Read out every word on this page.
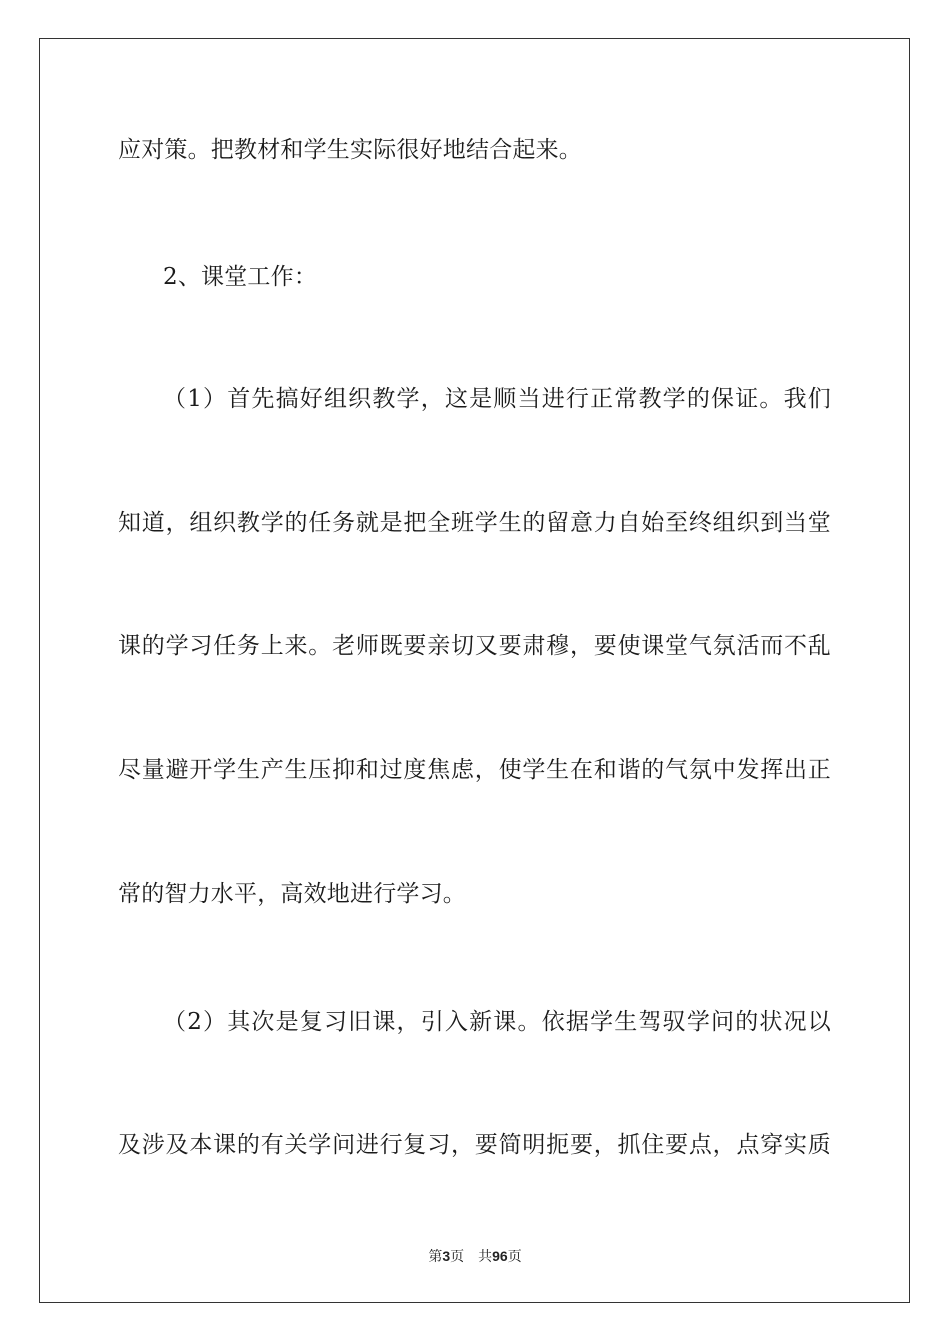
应对策。把教材和学生实际很好地结合起来。
2、课堂工作：
（1）首先搞好组织教学，这是顺当进行正常教学的保证。我们
知道，组织教学的任务就是把全班学生的留意力自始至终组织到当堂
课的学习任务上来。老师既要亲切又要肃穆，要使课堂气氛活而不乱
尽量避开学生产生压抑和过度焦虑，使学生在和谐的气氛中发挥出正
常的智力水平，高效地进行学习。
（2）其次是复习旧课，引入新课。依据学生驾驭学问的状况以
及涉及本课的有关学问进行复习，要简明扼要，抓住要点，点穿实质
第3页 共96页
